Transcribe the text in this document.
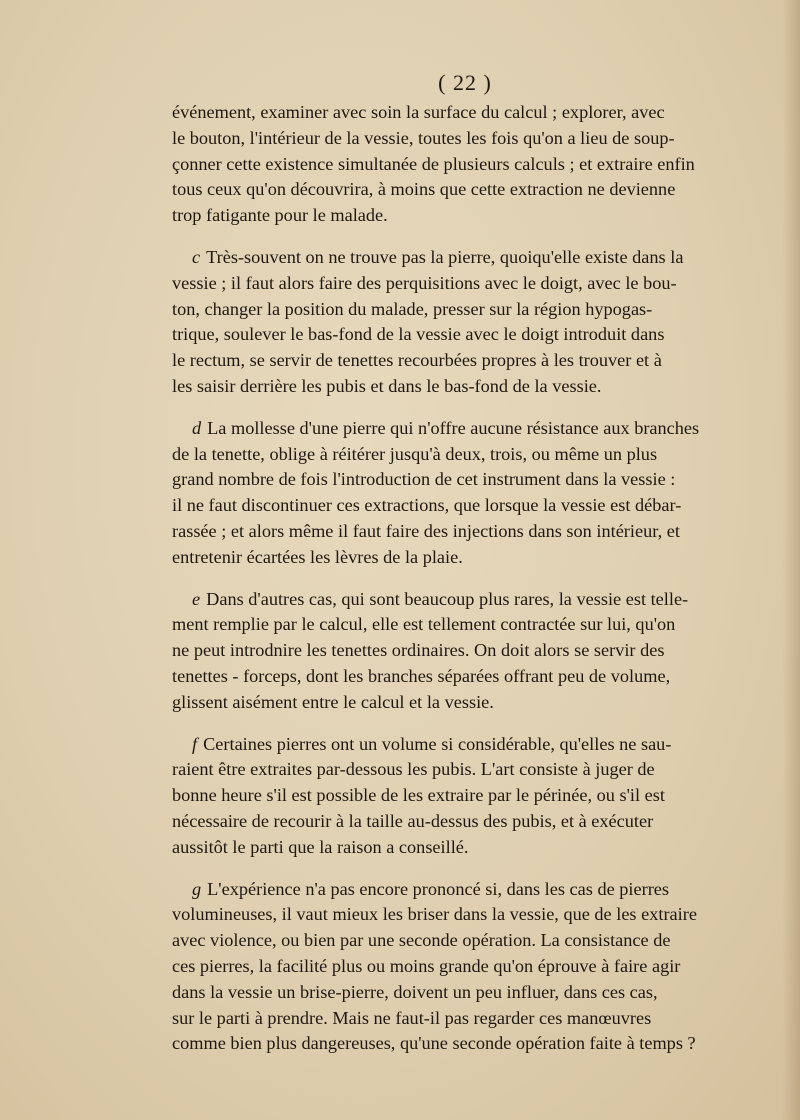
( 22 )
événement, examiner avec soin la surface du calcul ; explorer, avec
le bouton, l'intérieur de la vessie, toutes les fois qu'on a lieu de soup-
çonner cette existence simultanée de plusieurs calculs ; et extraire enfin
tous ceux qu'on découvrira, à moins que cette extraction ne devienne
trop fatigante pour le malade.
c Très-souvent on ne trouve pas la pierre, quoiqu'elle existe dans la
vessie ; il faut alors faire des perquisitions avec le doigt, avec le bou-
ton, changer la position du malade, presser sur la région hypogas-
trique, soulever le bas-fond de la vessie avec le doigt introduit dans
le rectum, se servir de tenettes recourbées propres à les trouver et à
les saisir derrière les pubis et dans le bas-fond de la vessie.
d La mollesse d'une pierre qui n'offre aucune résistance aux branches
de la tenette, oblige à réitérer jusqu'à deux, trois, ou même un plus
grand nombre de fois l'introduction de cet instrument dans la vessie :
il ne faut discontinuer ces extractions, que lorsque la vessie est débar-
rassée ; et alors même il faut faire des injections dans son intérieur, et
entretenir écartées les lèvres de la plaie.
e Dans d'autres cas, qui sont beaucoup plus rares, la vessie est telle-
ment remplie par le calcul, elle est tellement contractée sur lui, qu'on
ne peut introdnire les tenettes ordinaires. On doit alors se servir des
tenettes - forceps, dont les branches séparées offrant peu de volume,
glissent aisément entre le calcul et la vessie.
f Certaines pierres ont un volume si considérable, qu'elles ne sau-
raient être extraites par-dessous les pubis. L'art consiste à juger de
bonne heure s'il est possible de les extraire par le périnée, ou s'il est
nécessaire de recourir à la taille au-dessus des pubis, et à exécuter
aussitôt le parti que la raison a conseillé.
g L'expérience n'a pas encore prononcé si, dans les cas de pierres
volumineuses, il vaut mieux les briser dans la vessie, que de les extraire
avec violence, ou bien par une seconde opération. La consistance de
ces pierres, la facilité plus ou moins grande qu'on éprouve à faire agir
dans la vessie un brise-pierre, doivent un peu influer, dans ces cas,
sur le parti à prendre. Mais ne faut-il pas regarder ces manœuvres
comme bien plus dangereuses, qu'une seconde opération faite à temps ?
